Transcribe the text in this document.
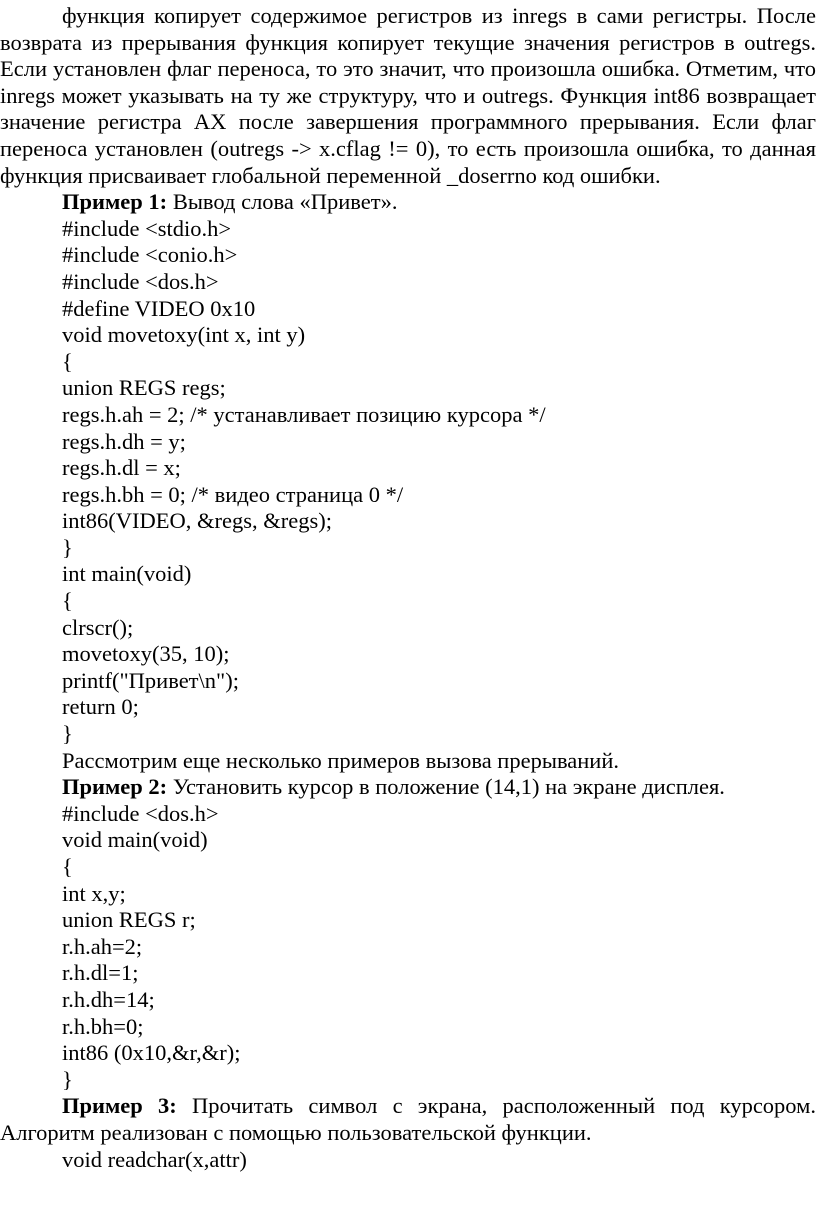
функция копирует содержимое регистров из inregs в сами регистры. После возврата из прерывания функция копирует текущие значения регистров в outregs. Если установлен флаг переноса, то это значит, что произошла ошибка. Отметим, что inregs может указывать на ту же структуру, что и outregs. Функция int86 возвращает значение регистра AX после завершения программного прерывания. Если флаг переноса установлен (outregs -> x.cflag != 0), то есть произошла ошибка, то данная функция присваивает глобальной переменной _doserrno код ошибки.

Пример 1: Вывод слова «Привет».

#include <stdio.h>

#include <conio.h>

#include <dos.h>

#define VIDEO 0x10

void movetoxy(int x, int y)

{

union REGS regs;

regs.h.ah = 2; /* устанавливает позицию курсора */

regs.h.dh = y;

regs.h.dl = x;

regs.h.bh = 0; /* видео страница 0 */

int86(VIDEO, &regs, &regs);

}

int main(void)

{

clrscr();

movetoxy(35, 10);

printf("Привет\n");

return 0;

}

Рассмотрим еще несколько примеров вызова прерываний.

Пример 2: Установить курсор в положение (14,1) на экране дисплея.

#include <dos.h>

void main(void)

{

int x,y;

union REGS r;

r.h.ah=2;

r.h.dl=1;

r.h.dh=14;

r.h.bh=0;

int86 (0x10,&r,&r);

}

Пример 3: Прочитать символ с экрана, расположенный под курсором. Алгоритм реализован с помощью пользовательской функции.

void readchar(x,attr)
